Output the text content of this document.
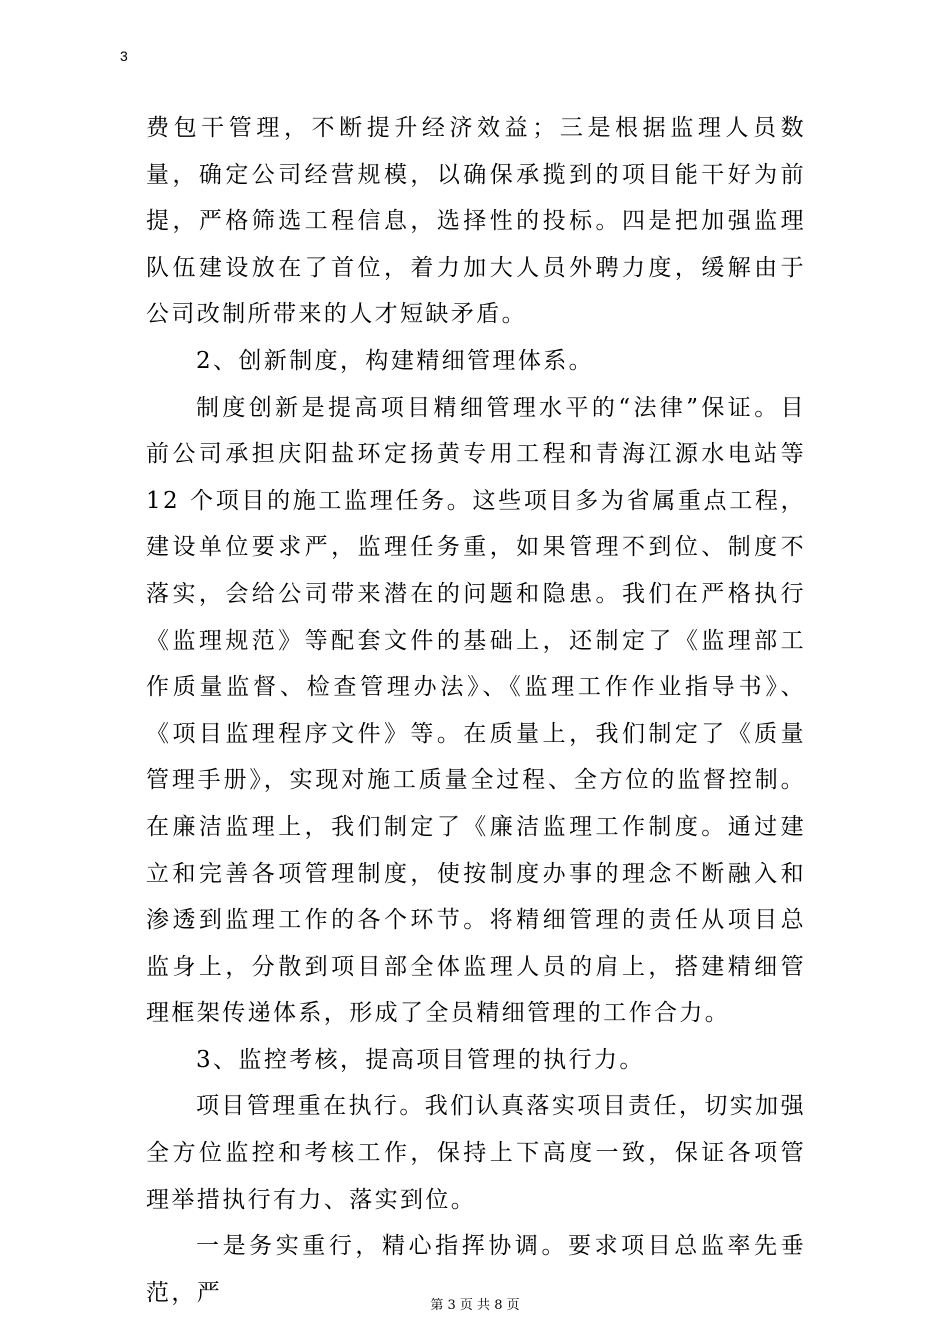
3

费包干管理，不断提升经济效益；三是根据监理人员数量，确定公司经营规模，以确保承揽到的项目能干好为前提，严格筛选工程信息，选择性的投标。四是把加强监理队伍建设放在了首位，着力加大人员外聘力度，缓解由于公司改制所带来的人才短缺矛盾。

2、创新制度，构建精细管理体系。

制度创新是提高项目精细管理水平的“法律”保证。目前公司承担庆阳盐环定扬黄专用工程和青海江源水电站等 12 个项目的施工监理任务。这些项目多为省属重点工程，建设单位要求严，监理任务重，如果管理不到位、制度不落实，会给公司带来潜在的问题和隐患。我们在严格执行《监理规范》等配套文件的基础上，还制定了《监理部工作质量监督、检查管理办法》、《监理工作作业指导书》、《项目监理程序文件》等。在质量上，我们制定了《质量管理手册》，实现对施工质量全过程、全方位的监督控制。在廉洁监理上，我们制定了《廉洁监理工作制度。通过建立和完善各项管理制度，使按制度办事的理念不断融入和渗透到监理工作的各个环节。将精细管理的责任从项目总监身上，分散到项目部全体监理人员的肩上，搭建精细管理框架传递体系，形成了全员精细管理的工作合力。

3、监控考核，提高项目管理的执行力。

项目管理重在执行。我们认真落实项目责任，切实加强全方位监控和考核工作，保持上下高度一致，保证各项管理举措执行有力、落实到位。

一是务实重行，精心指挥协调。要求项目总监率先垂范，严	第 3 页 共 8 页
